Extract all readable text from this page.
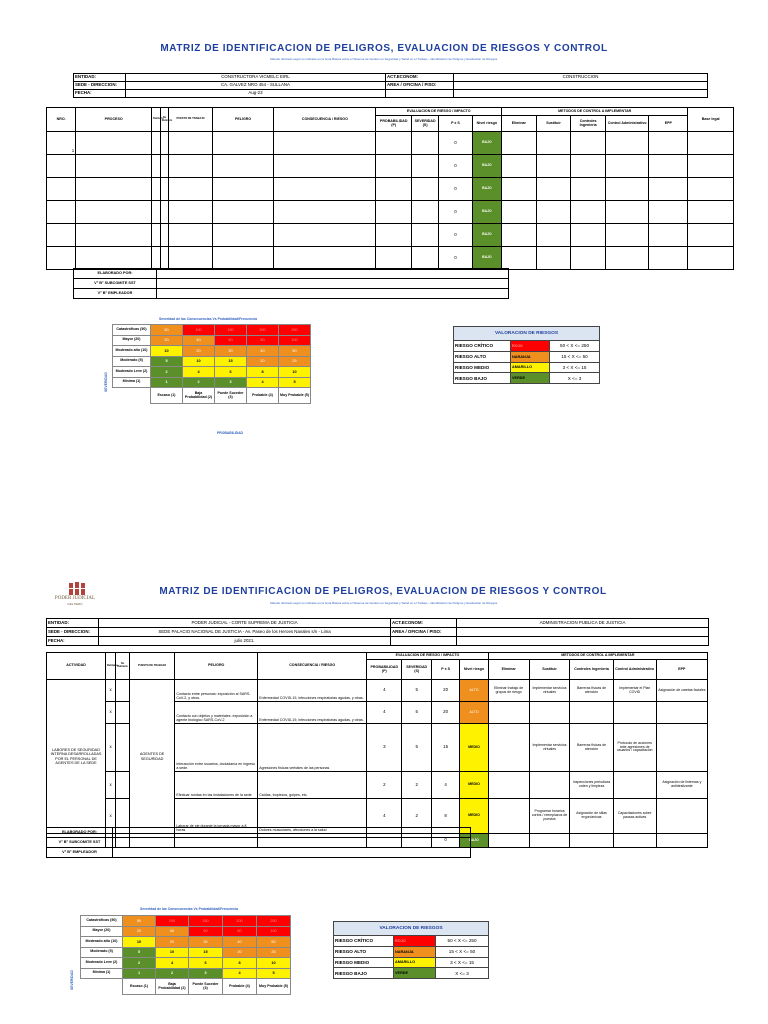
MATRIZ DE IDENTIFICACION DE PELIGROS, EVALUACION DE RIESGOS Y CONTROL
Método derivado según lo indicado en la Guía Básica sobre el Sistema de Gestión en Seguridad y Salud en el Trabajo - Identificación de Peligros y Evaluación de Riesgos.
ENTIDAD:	CONSTRUCTORA VICMELC EIRL	ACT.ECONOM:	CONSTRUCCION
SEDE - DIRECCION:	CA. GALVEZ NRO 454 - SULLANA	AREA / OFICINA / PISO:	
FECHA:	Aug-23		
NRO.	PROCESO	Rutinario	No Rutinario	PUESTO DE TRABAJO	PELIGRO	CONSECUENCIA / RIESGO	EVALUACION DE RIESGO / IMPACTO				METODOS DE CONTROL A IMPLEMENTAR					Base legal
							PROBABILIDAD (P)	SEVERIDAD (S)	P x S	Nivel riesgo	Eliminar	Sustituir	Controles Ingeniería	Control Administrativo	EPP	
1									0	BAJO						
									0	BAJO						
									0	BAJO						
									0	BAJO						
									0	BAJO						
									0	BAJO						
ELABORADO POR:	
V° B° SUBCOMITE SST	
V° B° EMPLEADOR	
Severidad de las Consecuencias Vs Probabilidad/Frecuencia
SEVERIDAD
Catastróficas (50)	50	100	150	200	250
Mayor (20)	20	40	60	80	100
Moderado alto (10)	10	20	30	40	50
Moderado (5)	5	10	15	20	25
Moderado Leve (2)	2	4	6	8	10
Mínima (1)	1	2	3	4	5
	Escaso (1)	Baja Probabilidad (2)	Puede Suceder (3)	Probable (4)	Muy Probable (5)
PROBABILIDAD
VALORACION DE RIESGOS		
RIESGO CRÍTICO	ROJO	50 < X <= 250
RIESGO ALTO	NARANJA	15 < X <= 50
RIESGO MEDIO	AMARILLO	3 < X <= 15
RIESGO BAJO	VERDE	X <= 3
PODER JUDICIAL
DEL PERÚ
MATRIZ DE IDENTIFICACION DE PELIGROS, EVALUACION DE RIESGOS Y CONTROL
Método derivado según lo indicado en la Guía Básica sobre el Sistema de Gestión en Seguridad y Salud en el Trabajo - Identificación de Peligros y Evaluación de Riesgos.
ENTIDAD:	PODER JUDICIAL - CORTE SUPREMA DE JUSTICIA	ACT.ECONOM:	ADMINISTRACION PUBLICA DE JUSTICIA
SEDE - DIRECCION:	SEDE PALACIO NACIONAL DE JUSTICIA - Av. Paseo de los Heroes Navales s/n - Lima	AREA / OFICINA / PISO:	
FECHA:	julio 2021.		
ACTIVIDAD	Rutinario	No Rutinario	PUESTO DE TRABAJO	PELIGRO	CONSECUENCIA / RIESGO	EVALUACION DE RIESGO / IMPACTO				METODOS DE CONTROL A IMPLEMENTAR				
						PROBABILIDAD (P)	SEVERIDAD (S)	P x S	Nivel riesgo	Eliminar	Sustituir	Controles Ingeniería	Control Administrativo	EPP
LABORES DE SEGURIDAD INTERNA DESARROLLADAS POR EL PERSONAL DE AGENTES DE LA SEDE	x		AGENTES DE SEGURIDAD	Contacto entre personas: exposición al SARS-CoV-2, y otros.	Enfermedad COVID-19, infecciones respiratorias agudas, y otras.	4	5	20	ALTO	Eliminar trabajo de grupos de riesgo	Implementar servicios virtuales	Barreras físicas de atención	Implementar el Plan COVID	Asignación de caretas faciales
	x			Contacto con objetos y materiales: exposición a agente biológico SARS-CoV-2	Enfermedad COVID-19, infecciones respiratorias agudas, y otras.	4	5	20	ALTO					
	x			Interacción entre usuarios, ciudadanía en ingreso a sede.	Agresiones físicas verbales de las personas	3	5	15	MEDIO		Implementar servicios virtuales	Barreras físicas de atención	Protocolo de acciones ante agresiones de usuarios / capacitación	
	x			Efectuar rondas en las instalaciones de la sede	Caídas, tropiezos, golpes, etc.	2	2	4	MEDIO			Inspecciones periodicas orden y limpieza		Asignación de linternas y antideslizante
	x			Laborar de pie durante la jornada mayor a 8 horas	Dolores musculares, afecciones a la salud	4	2	8	MEDIO		Programar horarios cortos / reemplazos de puestos	Asignación de sillas ergonómicas	Capacitaciones sobre pausas activas	
								0	BAJO					
ELABORADO POR:	
V° B° SUBCOMITE SST	
V° B° EMPLEADOR	
Severidad de las Consecuencias Vs Probabilidad/Frecuencia
SEVERIDAD
Catastróficas (50)	50	100	150	200	250
Mayor (20)	20	40	60	80	100
Moderado alto (10)	10	20	30	40	50
Moderado (5)	5	10	15	20	25
Moderado Leve (2)	2	4	6	8	10
Mínima (1)	1	2	3	4	5
	Escaso (1)	Baja Probabilidad (2)	Puede Suceder (3)	Probable (4)	Muy Probable (5)
VALORACION DE RIESGOS		
RIESGO CRÍTICO	ROJO	50 < X <= 250
RIESGO ALTO	NARANJA	15 < X <= 50
RIESGO MEDIO	AMARILLO	3 < X <= 15
RIESGO BAJO	VERDE	X <= 3
